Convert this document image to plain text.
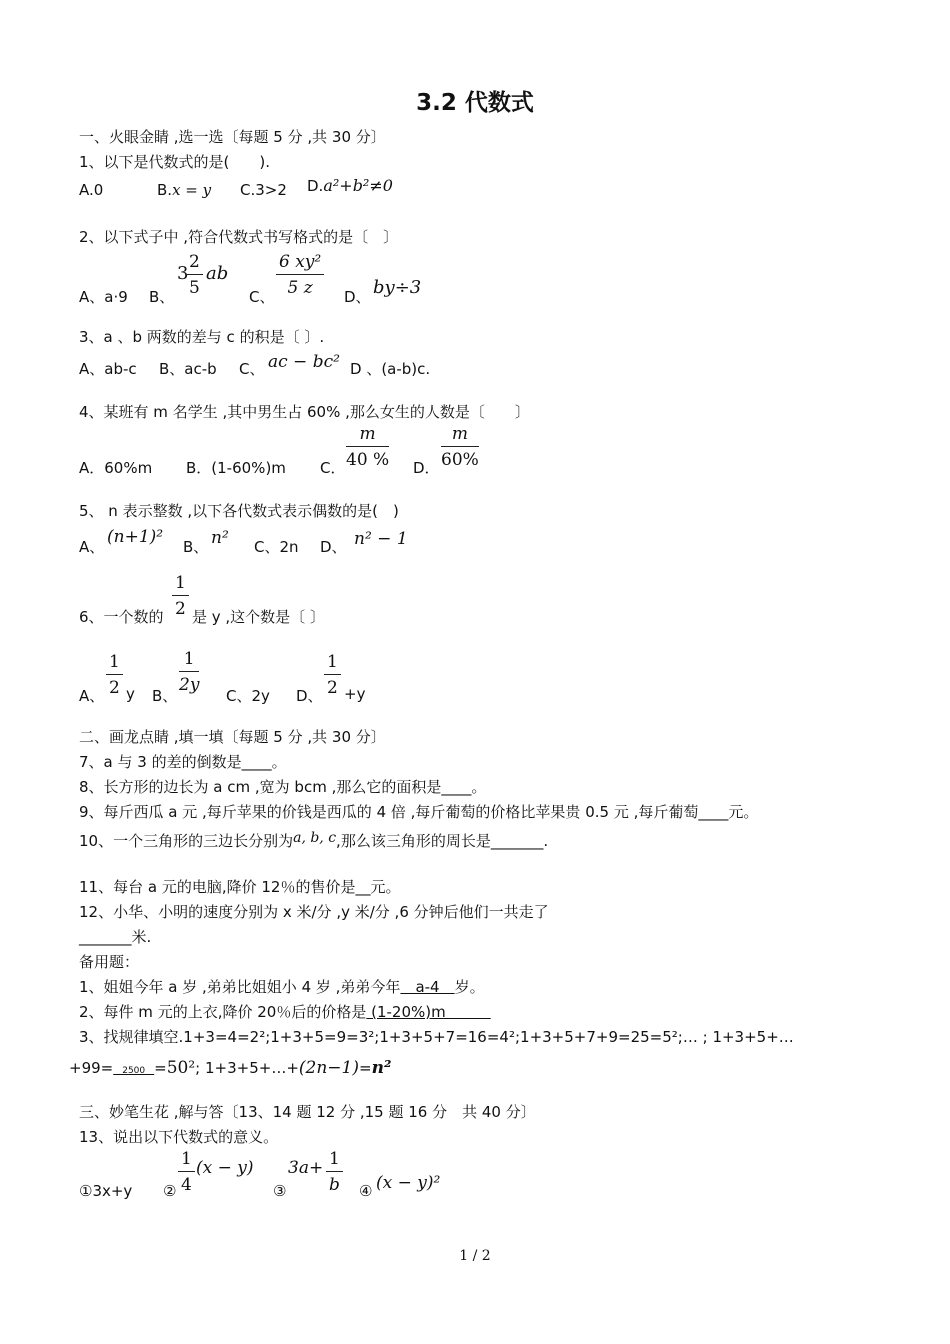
3.2 代数式
一、火眼金睛 ,选一选〔每题 5 分 ,共 30 分〕
1、以下是代数式的是(　　).
A.0	B.x = y C.3>2 D.a²+b²≠0
2、以下式子中 ,符合代数式书写格式的是〔　〕
A、a·9 B、
3
$\frac{2}{5}$ ab
C、 $\frac{\text{6 xy²}}{5 z}$ D、 by÷3
3、a 、b 两数的差与 c 的积是〔 〕.
A、ab-c B、ac-b C、 ac − bc² D 、(a-b)c.
4、某班有 m 名学生 ,其中男生占 60% ,那么女生的人数是〔　　〕
A．60%m B．(1-60%)m C． $\frac{m}{40 \%}$ D． $\frac{m}{60\%}$
5、 n 表示整数 ,以下各代数式表示偶数的是(　)
A、 (n+1)² B、 n² C、2n D、 n² − 1
6、一个数的 $\frac{1}{2}$ 是 y ,这个数是〔 〕
A、 $\frac{1}{2}$ y B、 $\frac{1}{2y}$ C、2y D、 $\frac{1}{2} +y$
二、画龙点睛 ,填一填〔每题 5 分 ,共 30 分〕
7、a 与 3 的差的倒数是____。
8、长方形的边长为 a cm ,宽为 bcm ,那么它的面积是____。
9、每斤西瓜 a 元 ,每斤苹果的价钱是西瓜的 4 倍 ,每斤葡萄的价格比苹果贵 0.5 元 ,每斤葡萄____元。
10、一个三角形的三边长分别为a, b, c,那么该三角形的周长是_______.
11、每台 a 元的电脑,降价 12％的售价是__元。
12、小华、小明的速度分别为 x 米/分 ,y 米/分 ,6 分钟后他们一共走了
_______米.
备用题：
1、姐姐今年 a 岁 ,弟弟比姐姐小 4 岁 ,弟弟今年　a-4　岁。
2、每件 m 元的上衣,降价 20％后的价格是 (1-20%)m　　　
3、找规律填空.1+3=4=2²;1+3+5=9=3²;1+3+5+7=16=4²;1+3+5+7+9=25=5²;… ; 1+3+5+…
+99=　2500　=50²; 1+3+5+…+(2n−1)=n²
三、妙笔生花 ,解与答〔13、14 题 12 分 ,15 题 16 分　共 40 分〕
13、说出以下代数式的意义。
①3x+y ② $\frac{1}{4} (x - y)$
③
$3a+ \frac{1}{b}$ ④ (x − y)²
1 / 2
